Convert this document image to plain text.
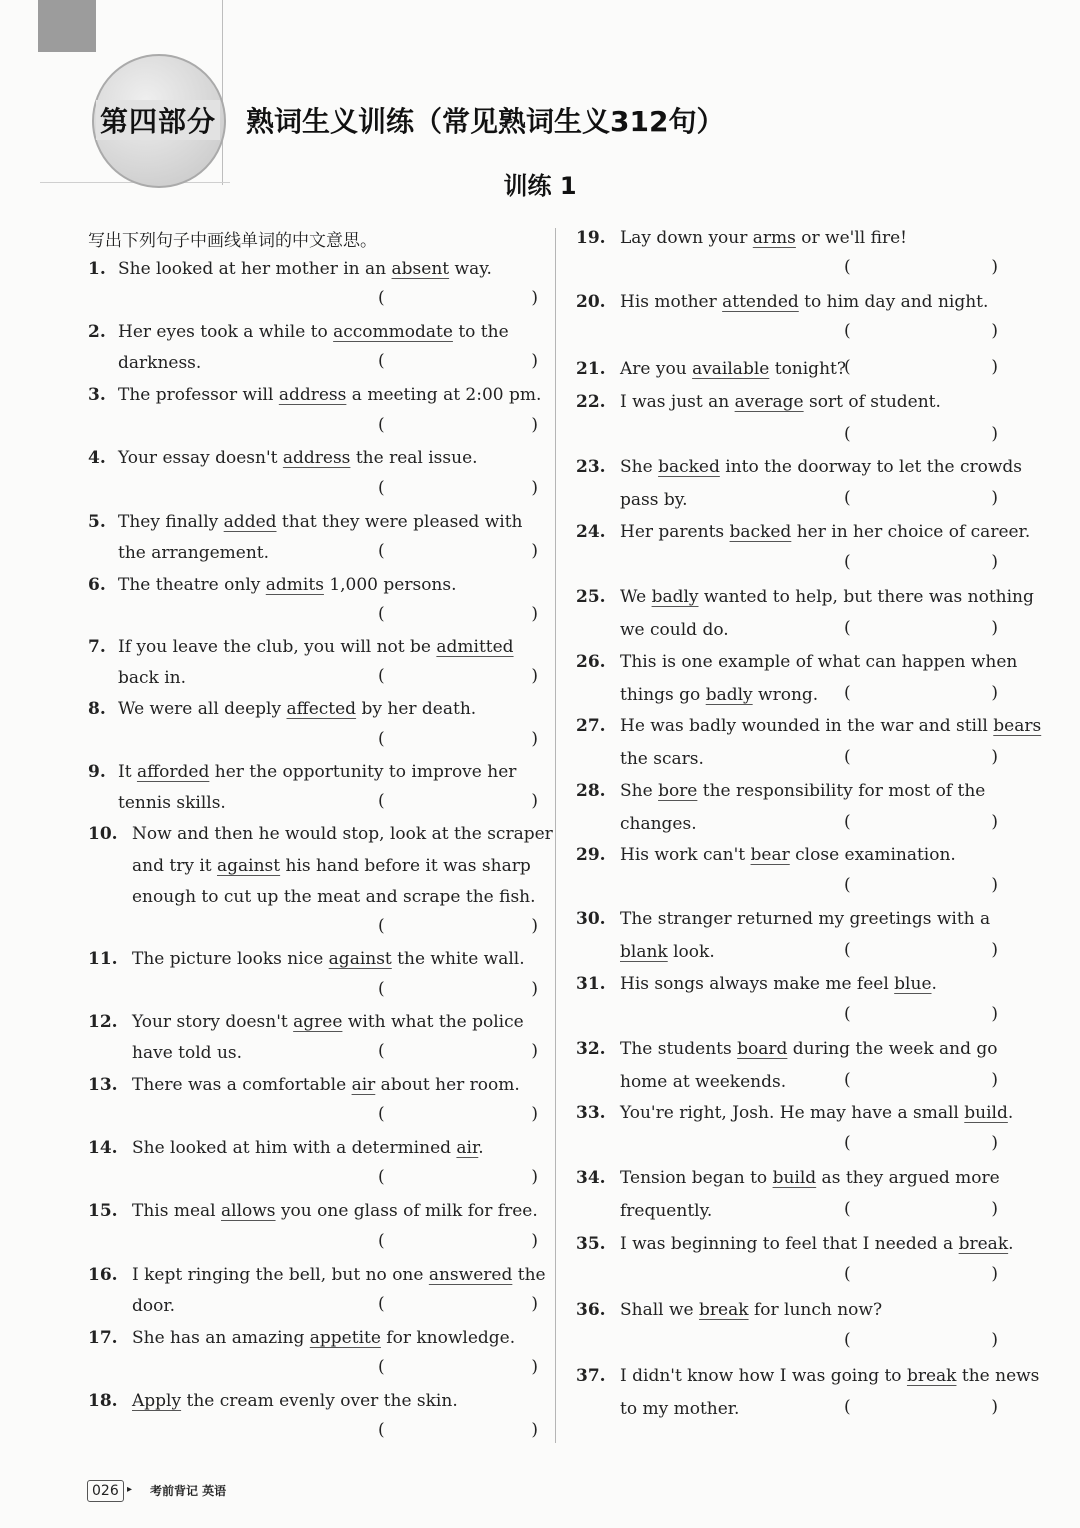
第四部分 熟词生义训练（常见熟词生义312句）
训练 1
写出下列句子中画线单词的中文意思。
1. She looked at her mother in an absent way.
(	)
2. Her eyes took a while to accommodate to the
darkness.	(	)
3. The professor will address a meeting at 2:00 pm.
(	)
4. Your essay doesn't address the real issue.
(	)
5. They finally added that they were pleased with
the arrangement.	(	)
6. The theatre only admits 1,000 persons.
(	)
7. If you leave the club, you will not be admitted
back in.	(	)
8. We were all deeply affected by her death.
(	)
9. It afforded her the opportunity to improve her
tennis skills.	(	)
10. Now and then he would stop, look at the scraper
and try it against his hand before it was sharp
enough to cut up the meat and scrape the fish.
(	)
11. The picture looks nice against the white wall.
(	)
12. Your story doesn't agree with what the police
have told us.	(	)
13. There was a comfortable air about her room.
(	)
14. She looked at him with a determined air.
(	)
15. This meal allows you one glass of milk for free.
(	)
16. I kept ringing the bell, but no one answered the
door.	(	)
17. She has an amazing appetite for knowledge.
(	)
18. Apply the cream evenly over the skin.
(	)
19. Lay down your arms or we'll fire!
(	)
20. His mother attended to him day and night.
(	)
21. Are you available tonight?
(	)
22. I was just an average sort of student.
(	)
23. She backed into the doorway to let the crowds
pass by.	(	)
24. Her parents backed her in her choice of career.
(	)
25. We badly wanted to help, but there was nothing
we could do.	(	)
26. This is one example of what can happen when
things go badly wrong.	(	)
27. He was badly wounded in the war and still bears
the scars.	(	)
28. She bore the responsibility for most of the
changes.	(	)
29. His work can't bear close examination.
(	)
30. The stranger returned my greetings with a
blank look.	(	)
31. His songs always make me feel blue.
(	)
32. The students board during the week and go
home at weekends.	(	)
33. You're right, Josh. He may have a small build.
(	)
34. Tension began to build as they argued more
frequently.	(	)
35. I was beginning to feel that I needed a break.
(	)
36. Shall we break for lunch now?
(	)
37. I didn't know how I was going to break the news
to my mother.	(	)
026 ▸ 考前背记 英语
